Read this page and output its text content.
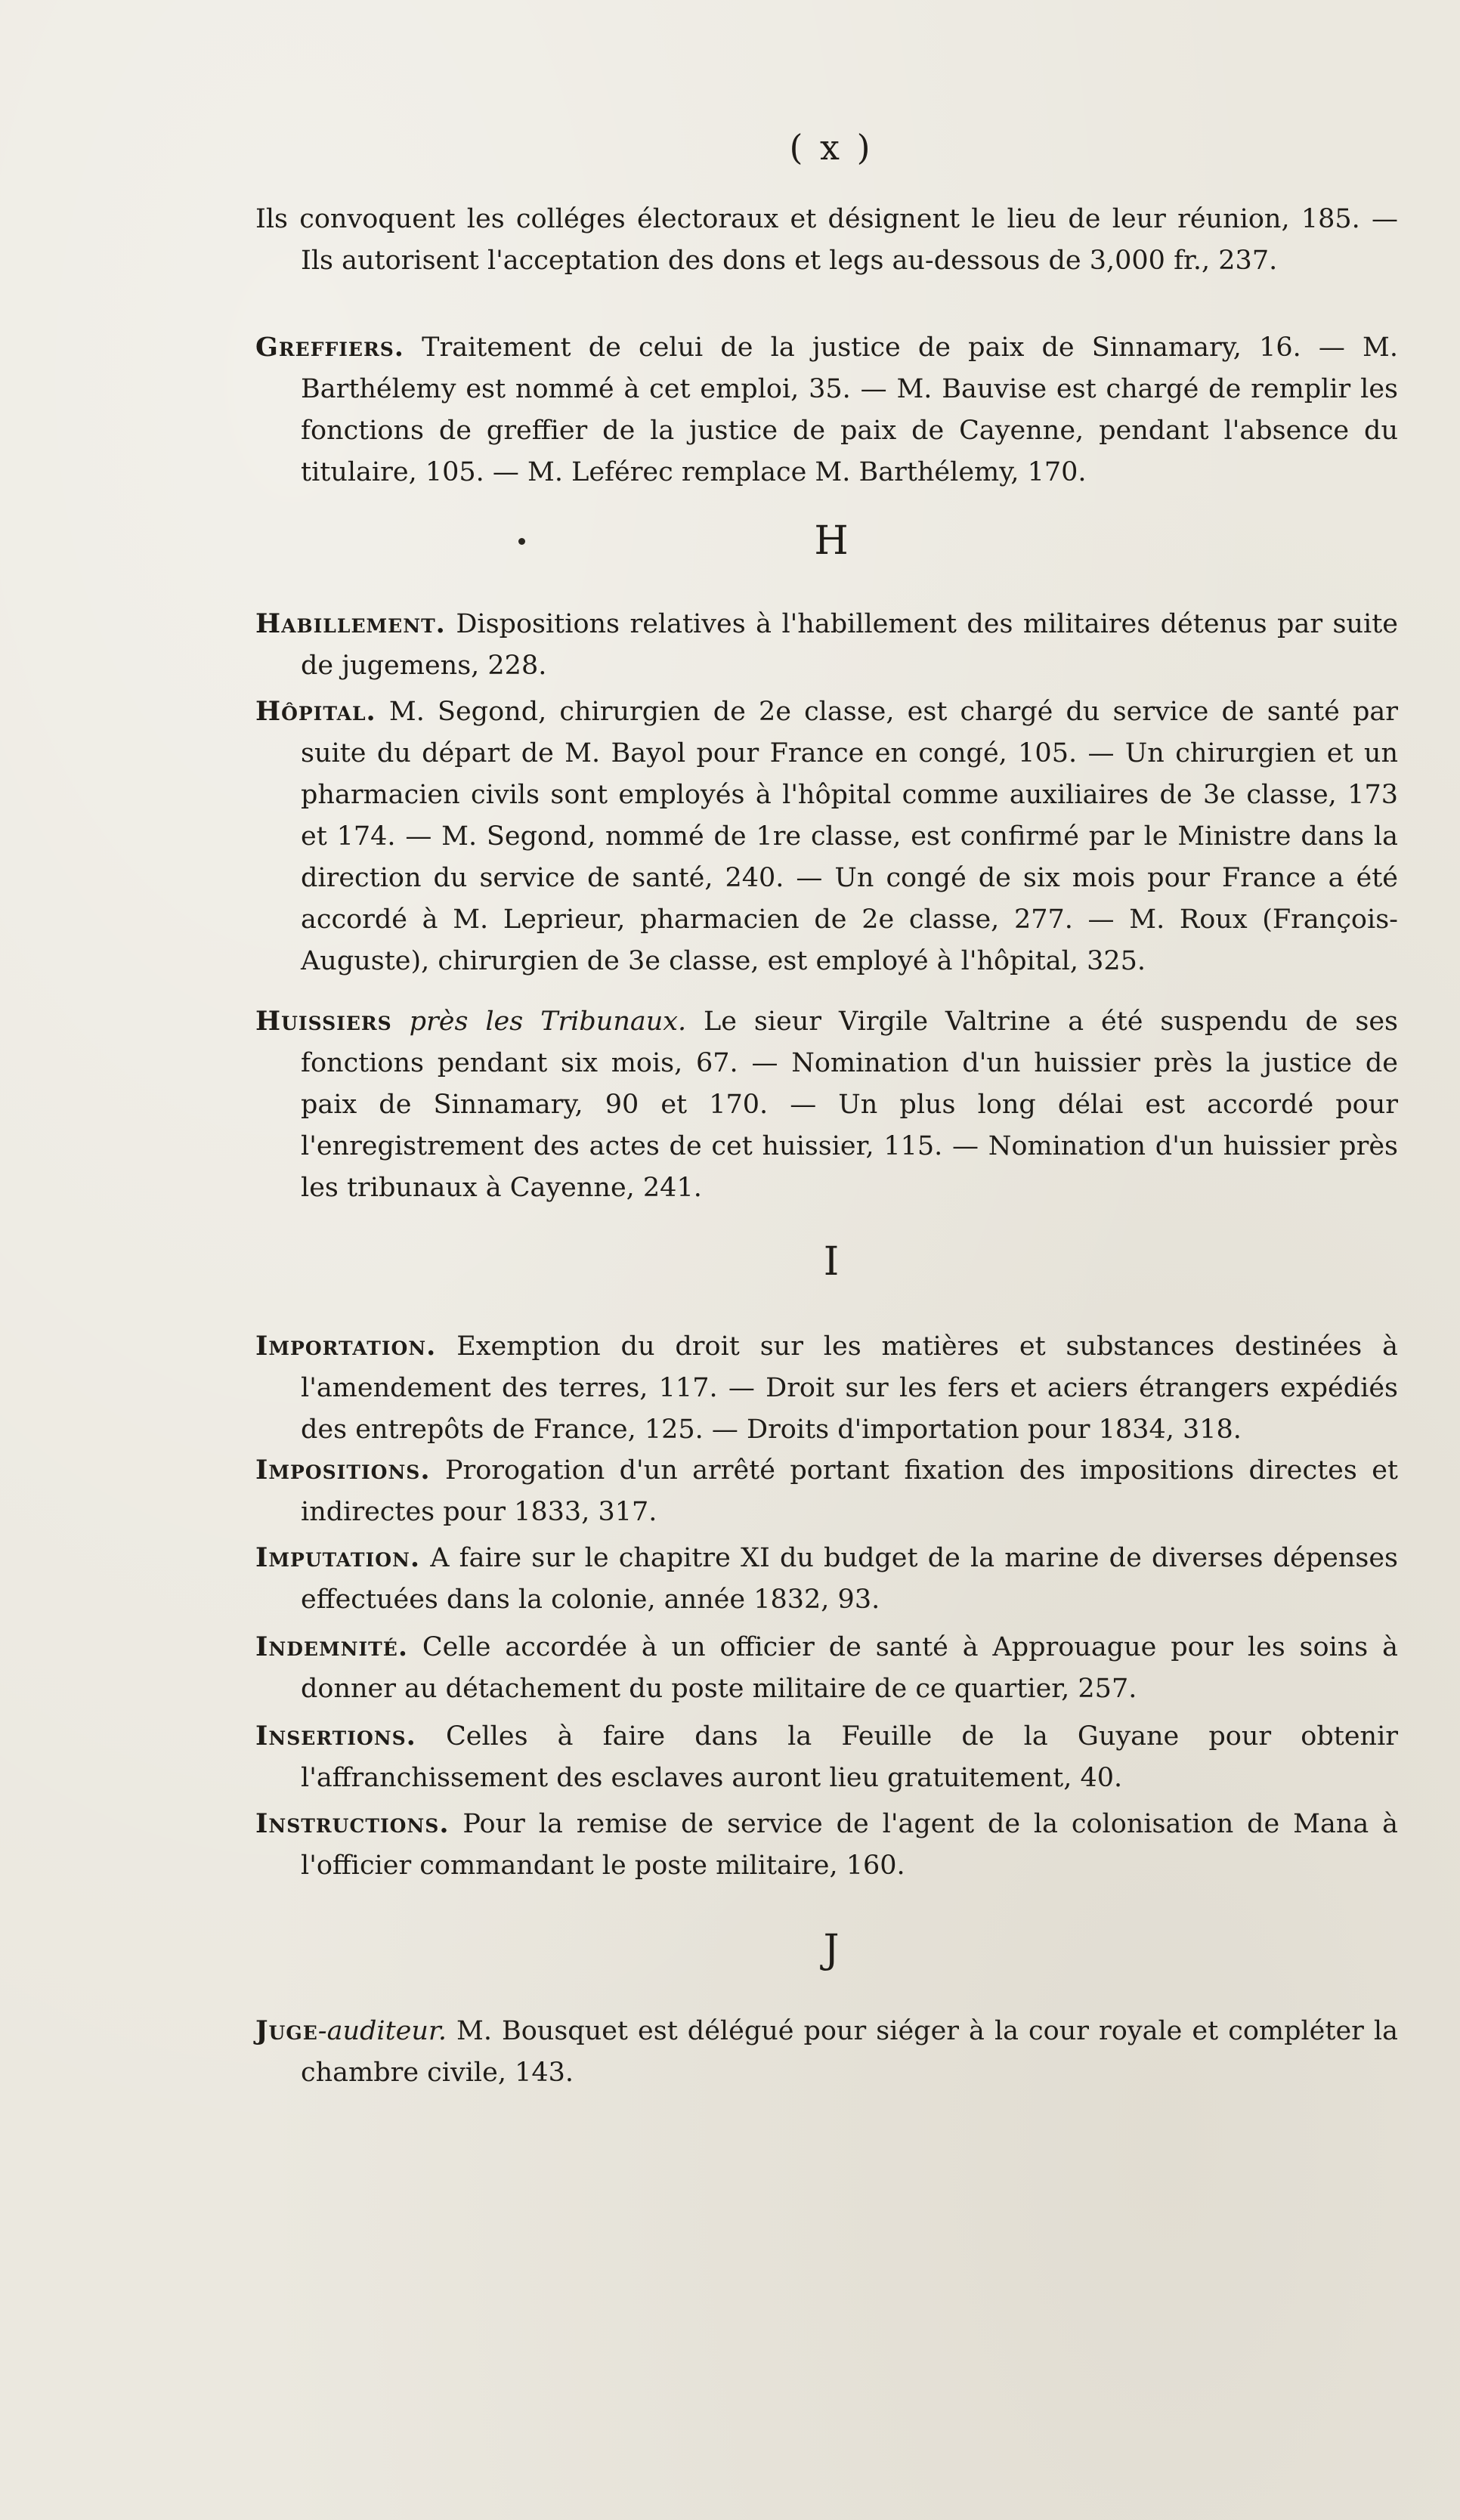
( x )

Ils convoquent les colléges électoraux et désignent le lieu de leur réunion, 185. — Ils autorisent l'acceptation des dons et legs au-dessous de 3,000 fr., 237.

Greffiers. Traitement de celui de la justice de paix de Sinnamary, 16. — M. Barthélemy est nommé à cet emploi, 35. — M. Bauvise est chargé de remplir les fonctions de greffier de la justice de paix de Cayenne, pendant l'absence du titulaire, 105. — M. Leférec remplace M. Barthélemy, 170.

H

Habillement. Dispositions relatives à l'habillement des militaires détenus par suite de jugemens, 228.

Hôpital. M. Segond, chirurgien de 2e classe, est chargé du service de santé par suite du départ de M. Bayol pour France en congé, 105. — Un chirurgien et un pharmacien civils sont employés à l'hôpital comme auxiliaires de 3e classe, 173 et 174. — M. Segond, nommé de 1re classe, est confirmé par le Ministre dans la direction du service de santé, 240. — Un congé de six mois pour France a été accordé à M. Leprieur, pharmacien de 2e classe, 277. — M. Roux (François-Auguste), chirurgien de 3e classe, est employé à l'hôpital, 325.

Huissiers près les Tribunaux. Le sieur Virgile Valtrine a été suspendu de ses fonctions pendant six mois, 67. — Nomination d'un huissier près la justice de paix de Sinnamary, 90 et 170. — Un plus long délai est accordé pour l'enregistrement des actes de cet huissier, 115. — Nomination d'un huissier près les tribunaux à Cayenne, 241.

I

Importation. Exemption du droit sur les matières et substances destinées à l'amendement des terres, 117. — Droit sur les fers et aciers étrangers expédiés des entrepôts de France, 125. — Droits d'importation pour 1834, 318.

Impositions. Prorogation d'un arrêté portant fixation des impositions directes et indirectes pour 1833, 317.

Imputation. A faire sur le chapitre XI du budget de la marine de diverses dépenses effectuées dans la colonie, année 1832, 93.

Indemnité. Celle accordée à un officier de santé à Approuague pour les soins à donner au détachement du poste militaire de ce quartier, 257.

Insertions. Celles à faire dans la Feuille de la Guyane pour obtenir l'affranchissement des esclaves auront lieu gratuitement, 40.

Instructions. Pour la remise de service de l'agent de la colonisation de Mana à l'officier commandant le poste militaire, 160.

J

Juge-auditeur. M. Bousquet est délégué pour siéger à la cour royale et compléter la chambre civile, 143.
